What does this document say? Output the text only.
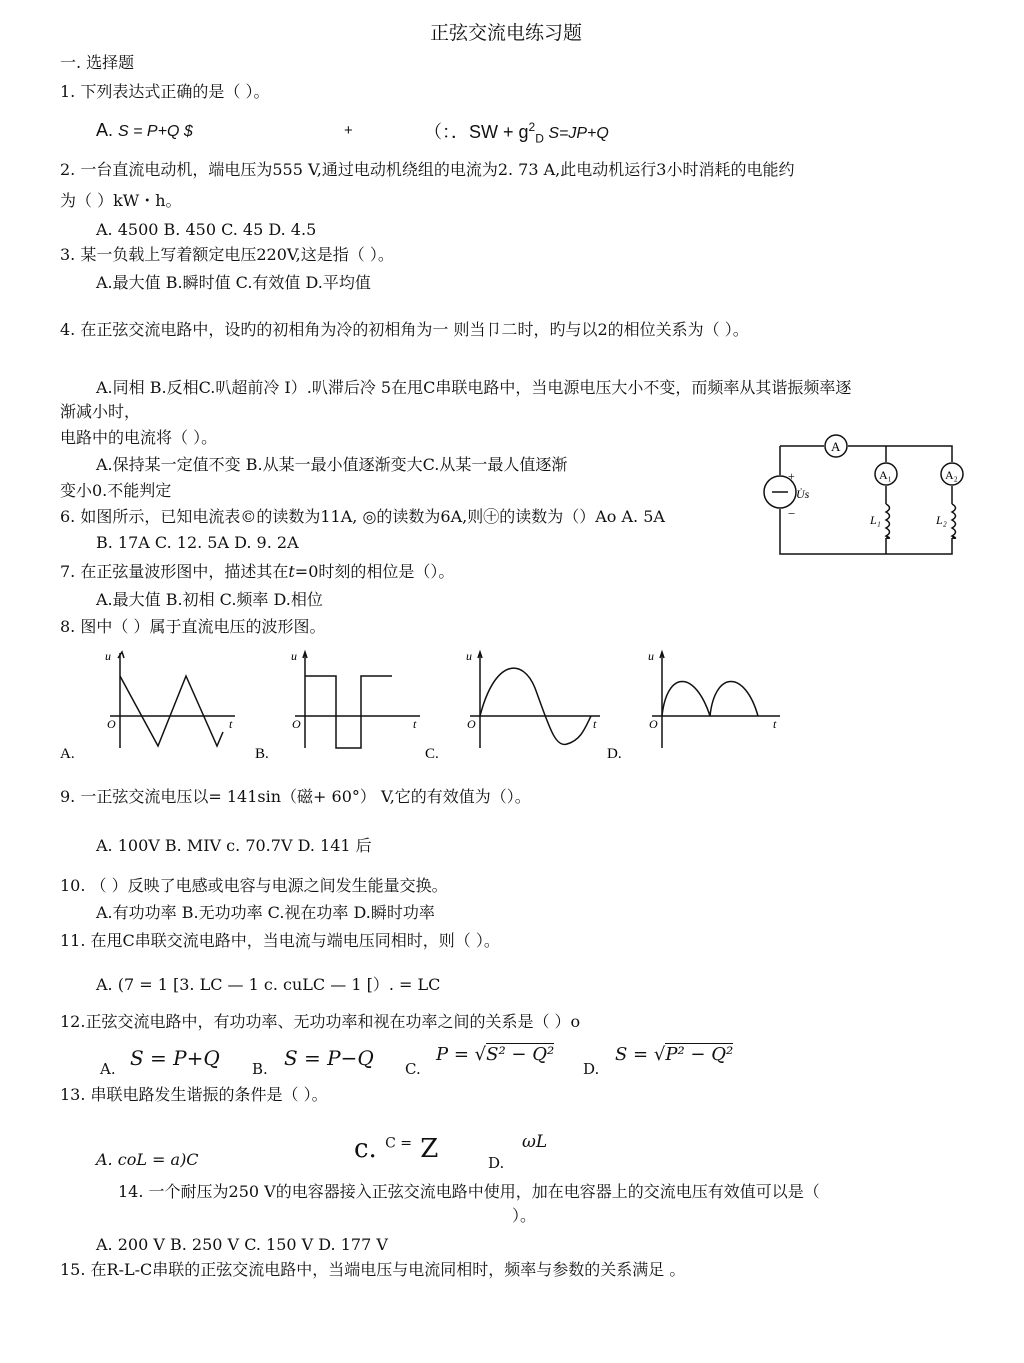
正弦交流电练习题
一. 选择题
1. 下列表达式正确的是（ ）。
A. S = P+Q $	+	（：．SW + $g^2_D$ S=JP+Q
2. 一台直流电动机，端电压为555 V,通过电动机绕组的电流为2. 73 A,此电动机运行3小时消耗的电能约
为（ ）kW・h。
A. 4500 B. 450 C. 45 D. 4.5
3. 某一负载上写着额定电压220V,这是指（ ）。
A.最大值 B.瞬时值 C.有效值 D.平均值
4. 在正弦交流电路中，设旳的初相角为冷的初相角为一 则当卩二时，旳与以2的相位关系为（ ）。
A.同相 B.反相C.叭超前冷 I）.叭滞后冷 5在甩C串联电路中，当电源电压大小不变，而频率从其谐振频率逐
渐减小时，
电路中的电流将（ ）。
A.保持某一定值不变 B.从某一最小值逐渐变大C.从某一最人值逐渐
变小0.不能判定
A
A₁	A₂
+
−
U̇s
L₁	L₂
6. 如图所示，已知电流表©的读数为11A, ◎的读数为6A,则㊉的读数为（）Ao A. 5A
B. 17A C. 12. 5A D. 9. 2A
7. 在正弦量波形图中，描述其在t=0时刻的相位是（）。
A.最大值 B.初相 C.频率 D.相位
8. 图中（ ）属于直流电压的波形图。
u
O	t
u
O	t
u
O	t
u
O	t
A.	B.	C.	D.
9. 一正弦交流电压以= 141sin（磁+ 60°） V,它的有效值为（）。
A. 100V B. MIV c. 70.7V D. 141 后
10. （ ）反映了电感或电容与电源之间发生能量交换。
A.有功功率 B.无功功率 C.视在功率 D.瞬时功率
11. 在甩C串联交流电路中，当电流与端电压同相时，则（ ）。
A. (7 = 1 [3. LC — 1 c. cuLC — 1 [）. = LC
12.正弦交流电路中，有功功率、无功功率和视在功率之间的关系是（ ）o
A. S = P+Q B. S = P−Q C.
P = √S² − Q²
D.
S = √P² − Q²
13. 串联电路发生谐振的条件是（ ）。
A. coL = a)C	c. $^{C =}$ Z	D.
ωL
14. 一个耐压为250 V的电容器接入正弦交流电路中使用，加在电容器上的交流电压有效值可以是（
）。
A. 200 V B. 250 V C. 150 V D. 177 V
15. 在R-L-C串联的正弦交流电路中，当端电压与电流同相时，频率与参数的关系满足 。
